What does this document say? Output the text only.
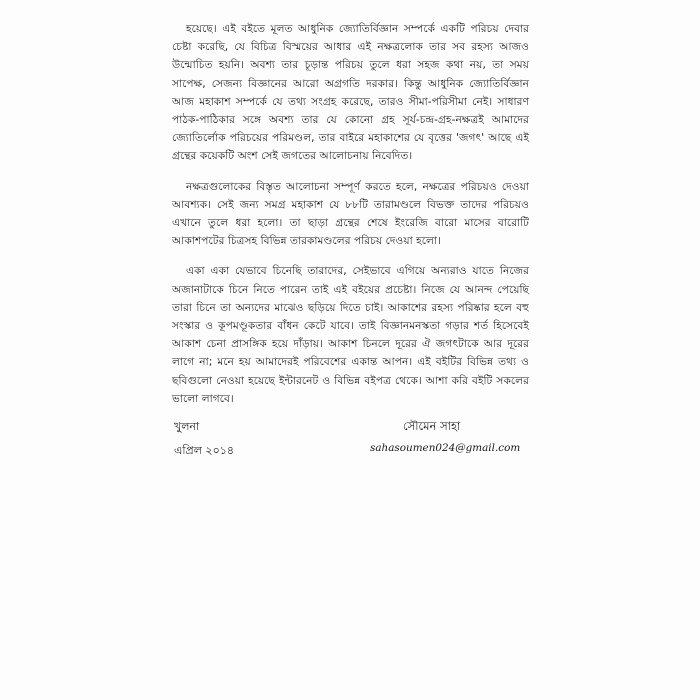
হয়েছে। এই বইতে মূলত আধুনিক জ্যোতির্বিজ্ঞান সম্পর্কে একটি পরিচয় দেবার চেষ্টা করেছি, যে বিচিত্র বিস্ময়ের আধার এই নক্ষত্রলোক তার সব রহস্য আজও উন্মোচিত হয়নি। অবশ্য তার চূড়ান্ত পরিচয় তুলে ধরা সহজ কথা নয়, তা সময় সাপেক্ষ, সেজন্য বিজ্ঞানের আরো অগ্রগতি দরকার। কিন্তু আধুনিক জ্যোতির্বিজ্ঞান আজ মহাকাশ সম্পর্কে যে তথ্য সংগ্রহ করেছে, তারও সীমা-পরিসীমা নেই। সাধারণ পাঠক-পাঠিকার সঙ্গে অবশ্য তার যে কোনো গ্রহ সূর্য-চন্দ্র-গ্রহ-নক্ষত্রই আমাদের জ্যোতির্লোক পরিচয়ের পরিমণ্ডল, তার বাইরে মহাকাশের যে বৃত্তের 'জগৎ' আছে এই গ্রন্থের কয়েকটি অংশ সেই জগতের আলোচনায় নিবেদিত।

নক্ষত্রগুলোকের বিস্তৃত আলোচনা সম্পূর্ণ করতে হলে, নক্ষত্রের পরিচয়ও দেওয়া আবশ্যক। সেই জন্য সমগ্র মহাকাশ যে ৮৮টি তারামণ্ডলে বিভক্ত তাদের পরিচয়ও এখানে তুলে ধরা হলো। তা ছাড়া গ্রন্থের শেষে ইংরেজি বারো মাসের বারোটি আকাশপটের চিত্রসহ বিভিন্ন তারকামণ্ডলের পরিচয় দেওয়া হলো।

একা একা যেভাবে চিনেছি তারাদের, সেইভাবে এগিয়ে অন্যরাও যাতে নিজের অজানাটাকে চিনে নিতে পারেন তাই এই বইয়ের প্রচেষ্টা। নিজে যে আনন্দ পেয়েছি তারা চিনে তা অন্যদের মাঝেও ছড়িয়ে দিতে চাই। আকাশের রহস্য পরিষ্কার হলে বহু সংস্কার ও কূপমণ্ডূকতার বাঁধন কেটে যাবে। তাই বিজ্ঞানমনস্কতা গড়ার শর্ত হিসেবেই আকাশ চেনা প্রাসঙ্গিক হয়ে দাঁড়ায়। আকাশ চিনলে দূরের ঐ জগৎটাকে আর দূরের লাগে না; মনে হয় আমাদেরই পরিবেশের একান্ত আপন। এই বইটির বিভিন্ন তথ্য ও ছবিগুলো নেওয়া হয়েছে ইন্টারনেট ও বিভিন্ন বইপত্র থেকে। আশা করি বইটি সকলের ভালো লাগবে।

খুলনা
এপ্রিল ২০১৪
সৌমেন সাহা
sahasoumen024@gmail.com
